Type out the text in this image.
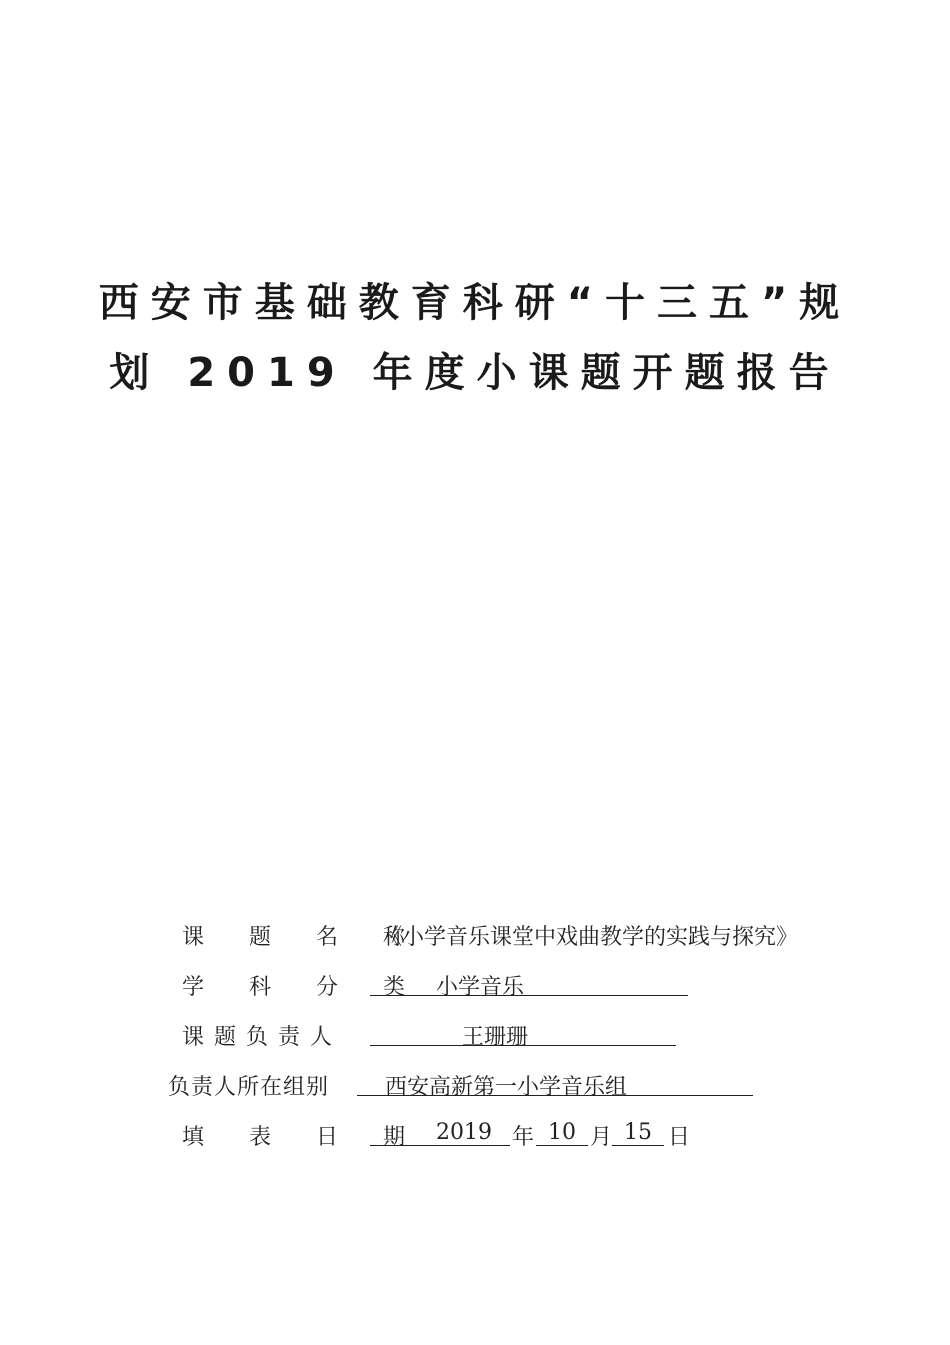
西安市基础教育科研“十三五”规
划 2019 年度小课题开题报告
课 题 名 称
《小学音乐课堂中戏曲教学的实践与探究》
学 科 分 类 小学音乐
课题负责人	王珊珊
负责人所在组别	西安高新第一小学音乐组
填 表 日 期 2019 年 10 月 15 日
